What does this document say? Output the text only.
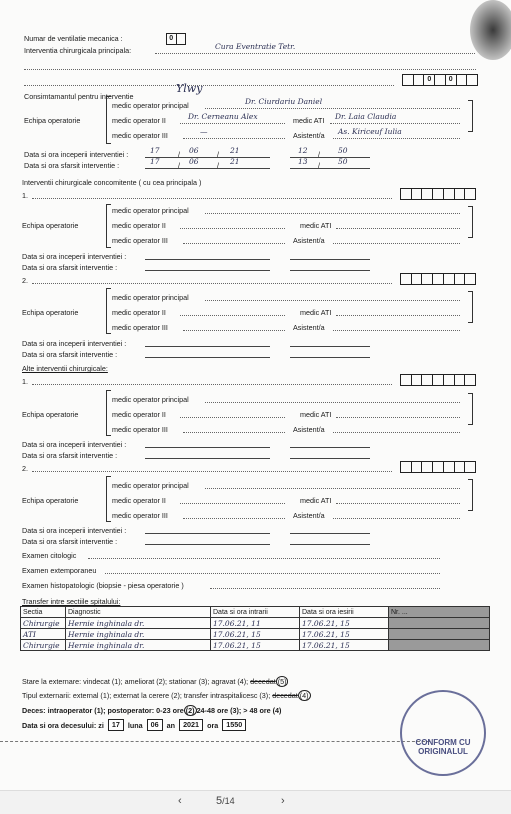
Numar de ventilatie mecanica :	0
Interventia chirurgicala principala:	Cura Eventratie Tetr.
0	0
Consimtamantul pentru interventie
Ylwy
Echipa operatorie
medic operator principal	Dr. Ciurdariu Daniel
medic operator II	Dr. Cerneanu Alex	medic ATI Dr. Laia Claudia
medic operator III	—	Asistent/a As. Kiriceuf Iulia
Data si ora inceperii interventiei :	17	/ 06	/ 21	12 / 50
Data si ora sfarsit interventie :	17	/ 06	/ 21	13 / 50
Interventii chirurgicale concomitente ( cu cea principala )
1.
Echipa operatorie
medic operator principal
medic operator II	medic ATI
medic operator III	Asistent/a
Data si ora inceperii interventiei :
Data si ora sfarsit interventie :
2.
Echipa operatorie
medic operator principal
medic operator II	medic ATI
medic operator III	Asistent/a
Data si ora inceperii interventiei :
Data si ora sfarsit interventie :
Alte interventii chirurgicale:
1.
Echipa operatorie
medic operator principal
medic operator II	medic ATI
medic operator III	Asistent/a
Data si ora inceperii interventiei :
Data si ora sfarsit interventie :
2.
Echipa operatorie
medic operator principal
medic operator II	medic ATI
medic operator III	Asistent/a
Data si ora inceperii interventiei :
Data si ora sfarsit interventie :
Examen citologic
Examen extemporaneu
Examen histopatologic (biopsie - piesa operatorie )
Transfer intre sectiile spitalului:
Sectia	Diagnostic	Data si ora intrarii	Data si ora iesirii	Nr. ...
Chirurgie	Hernie inghinala dr.	17.06.21, 11	17.06.21, 15	
ATI	Hernie inghinala dr.	17.06.21, 15	17.06.21, 15	
Chirurgie	Hernie inghinala dr.	17.06.21, 15	17.06.21, 15	
Stare la externare: vindecat (1); ameliorat (2); stationar (3); agravat (4); decedat (5)
Tipul externarii: external (1); externat la cerere (2); transfer intraspitalicesc (3); decedat (4)
Deces: intraoperator (1); postoperator: 0-23 ore (2) 24-48 ore (3); > 48 ore (4)
Data si ora decesului: zi	17	luna	06	an	2021	ora	1550
CONFORM CU
ORIGINALUL
‹	5/14	›
